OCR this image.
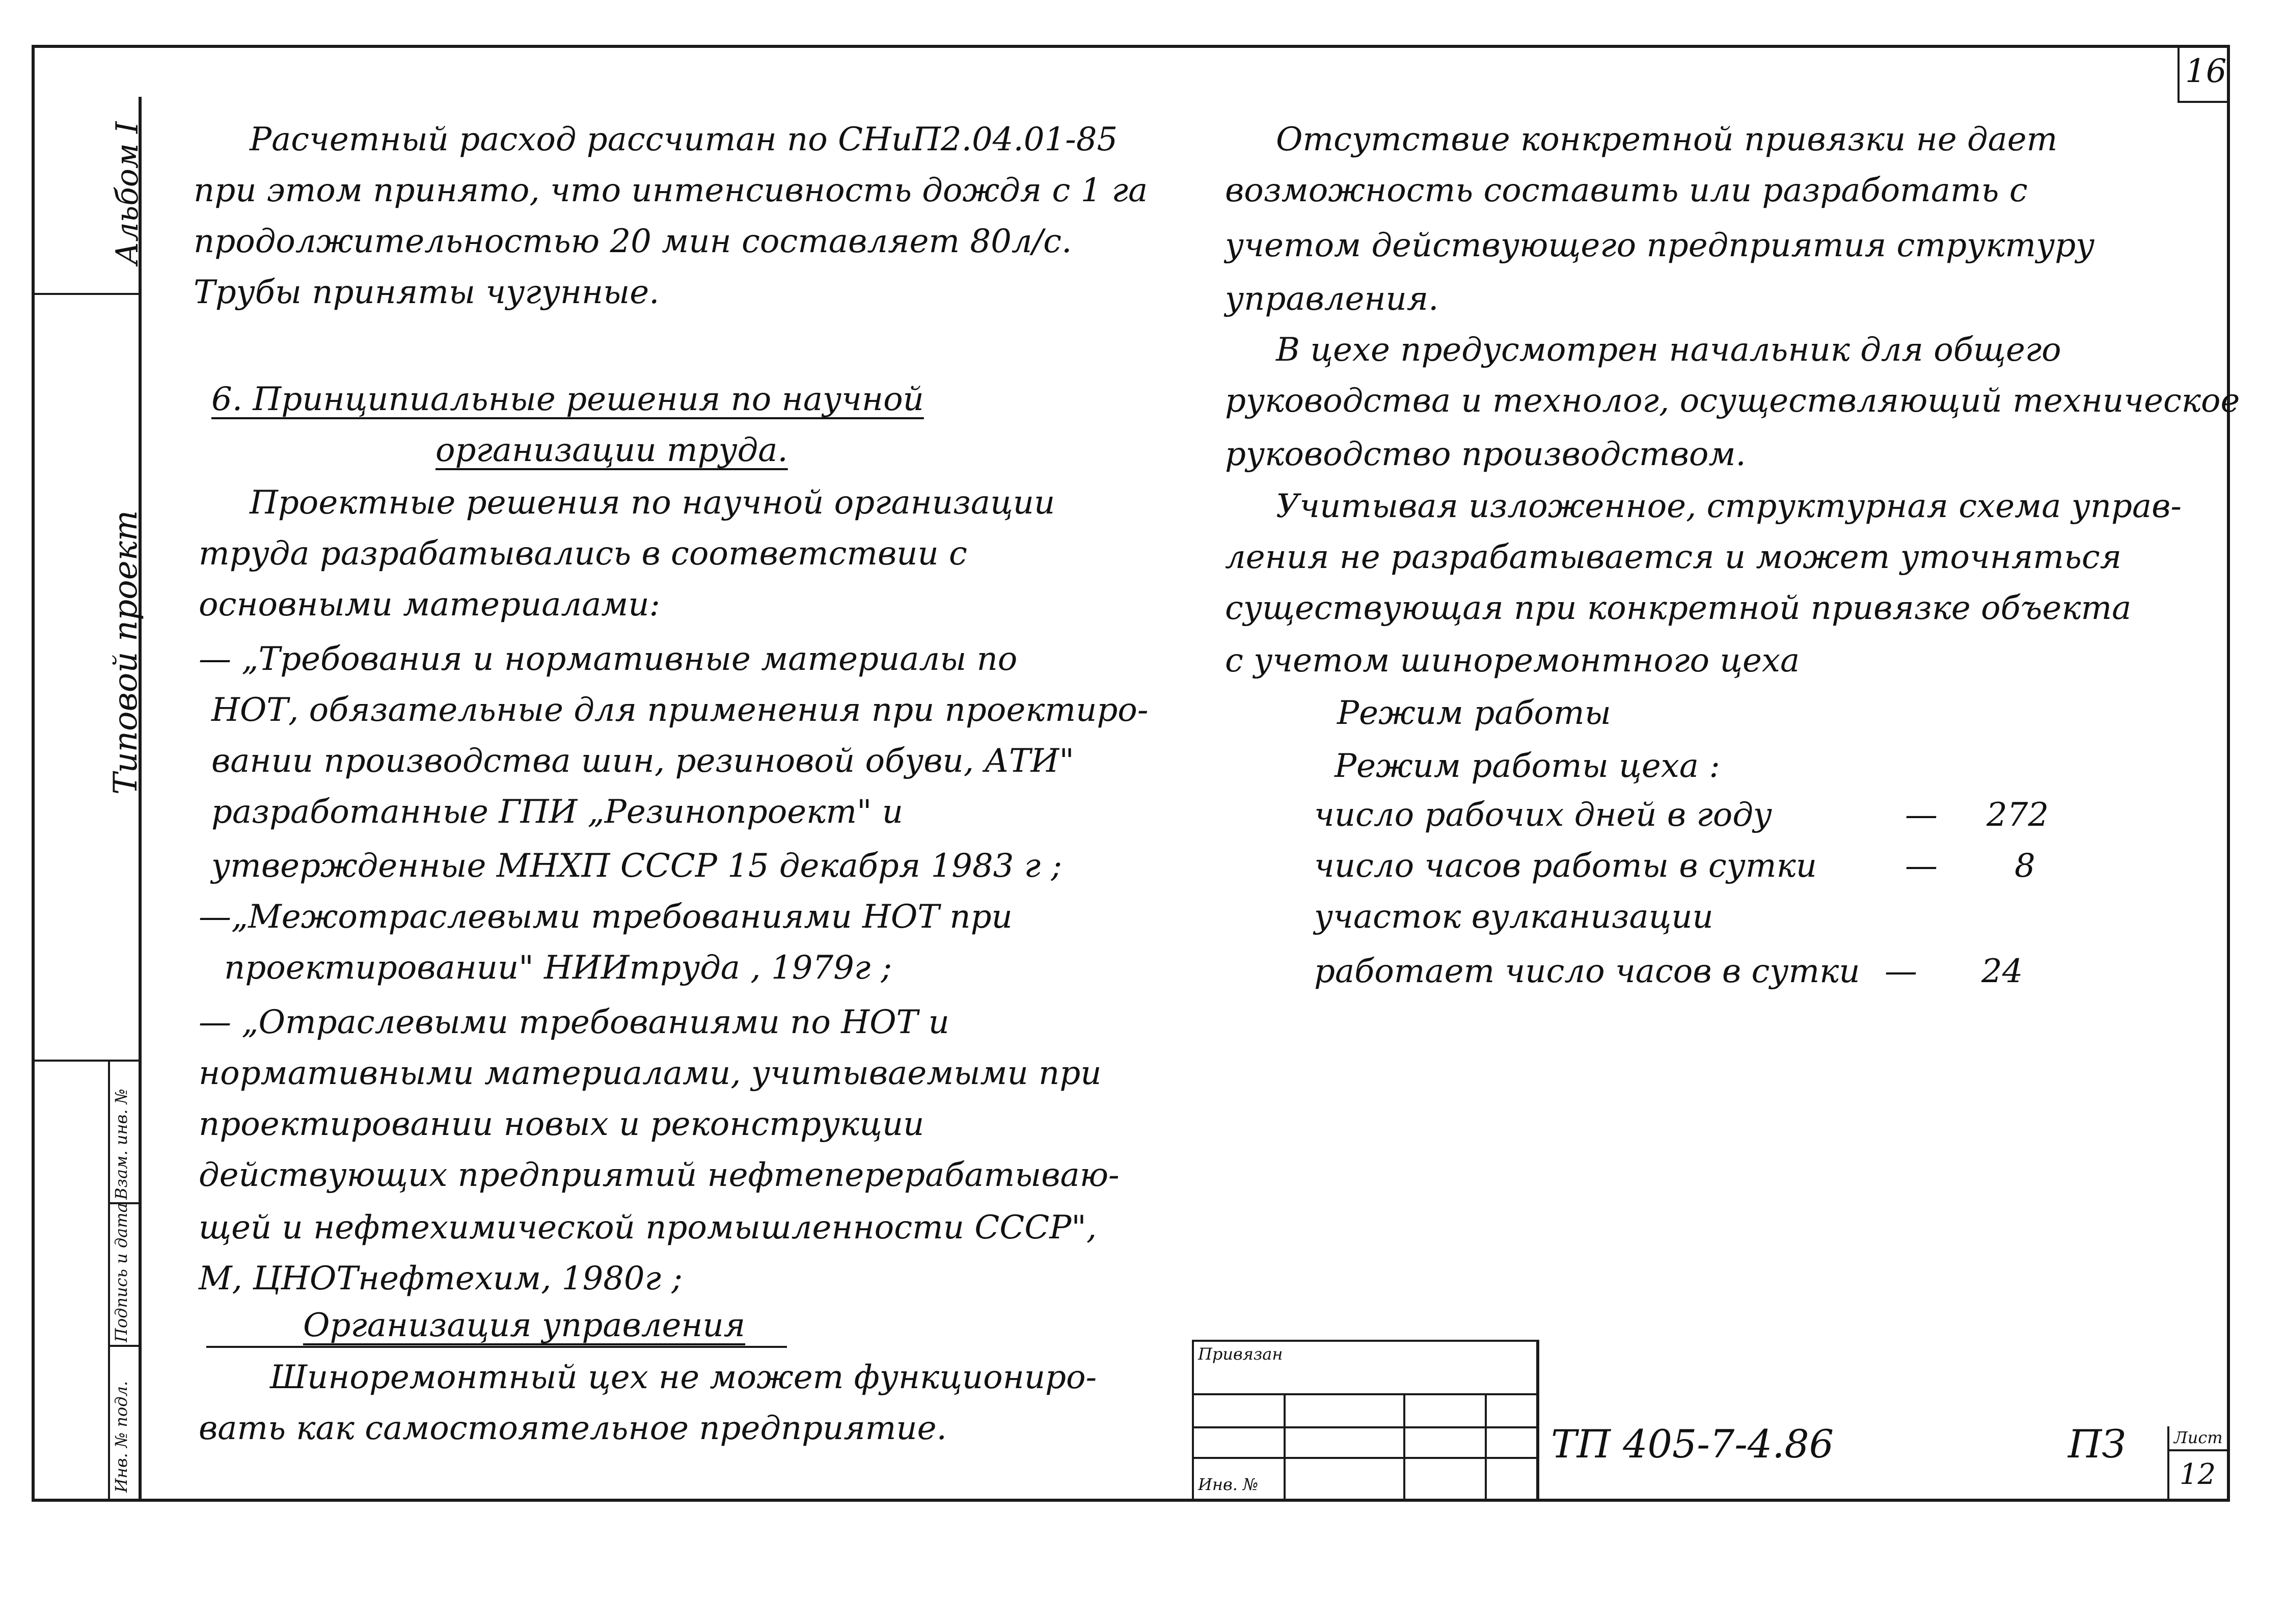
Альбом I
Типовой проект
Инв. № подл.
Подпись и дата
Взам. инв. №
16
Расчетный расход рассчитан по СНиП2.04.01-85
при этом принято, что интенсивность дождя с 1 га
продолжительностью 20 мин составляет 80л/с.
Трубы приняты чугунные.
6. Принципиальные решения по научной
организации труда.
Проектные решения по научной организации
труда разрабатывались в соответствии с
основными материалами:
— „Требования и нормативные материалы по
НОТ, обязательные для применения при проектиро-
вании производства шин, резиновой обуви, АТИ"
разработанные ГПИ „Резинопроект" и
утвержденные МНХП СССР 15 декабря 1983 г ;
—„Межотраслевыми требованиями НОТ при
проектировании" НИИтруда , 1979г ;
— „Отраслевыми требованиями по НОТ и
нормативными материалами, учитываемыми при
проектировании новых и реконструкции
действующих предприятий нефтеперерабатываю-
щей и нефтехимической промышленности СССР",
М, ЦНОТнефтехим, 1980г ;
Организация управления
Шиноремонтный цех не может функциониро-
вать как самостоятельное предприятие.
Отсутствие конкретной привязки не дает
возможность составить или разработать с
учетом действующего предприятия структуру
управления.
В цехе предусмотрен начальник для общего
руководства и технолог, осуществляющий техническое
руководство производством.
Учитывая изложенное, структурная схема управ-
ления не разрабатывается и может уточняться
существующая при конкретной привязке объекта
с учетом шиноремонтного цеха
Режим работы
Режим работы цеха :
число рабочих дней в году	— 272
число часов работы в сутки	— 8
участок вулканизации
работает число часов в сутки — 24
Привязан
Инв. №
ТП 405-7-4.86	ПЗ	Лист
12
